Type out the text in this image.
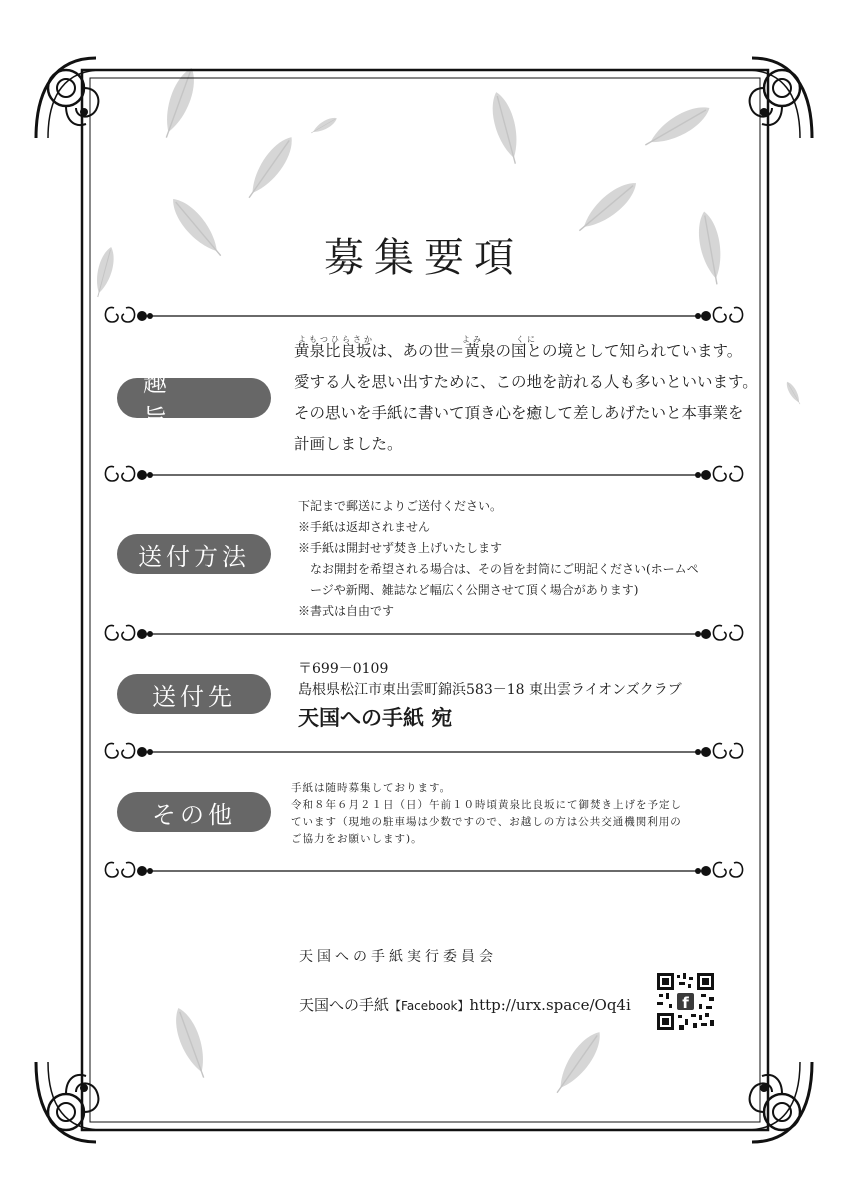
募集要項
趣　旨
よもつひらさか	よみ	くに
黄泉比良坂は、あの世＝黄泉の国との境として知られています。
愛する人を思い出すために、この地を訪れる人も多いといいます。
その思いを手紙に書いて頂き心を癒して差しあげたいと本事業を
計画しました。
送付方法
下記まで郵送によりご送付ください。
※手紙は返却されません
※手紙は開封せず焚き上げいたします
　なお開封を希望される場合は、その旨を封筒にご明記ください(ホームペ
　ージや新聞、雑誌など幅広く公開させて頂く場合があります)
※書式は自由です
送付先
〒699－0109
島根県松江市東出雲町錦浜583－18 東出雲ライオンズクラブ
天国への手紙 宛
その他
手紙は随時募集しております。
令和８年６月２１日（日）午前１０時頃黄泉比良坂にて御焚き上げを予定し
ています（現地の駐車場は少数ですので、お越しの方は公共交通機関利用の
ご協力をお願いします)。
天国への手紙実行委員会
天国への手紙【Facebook】http://urx.space/Oq4i	f
